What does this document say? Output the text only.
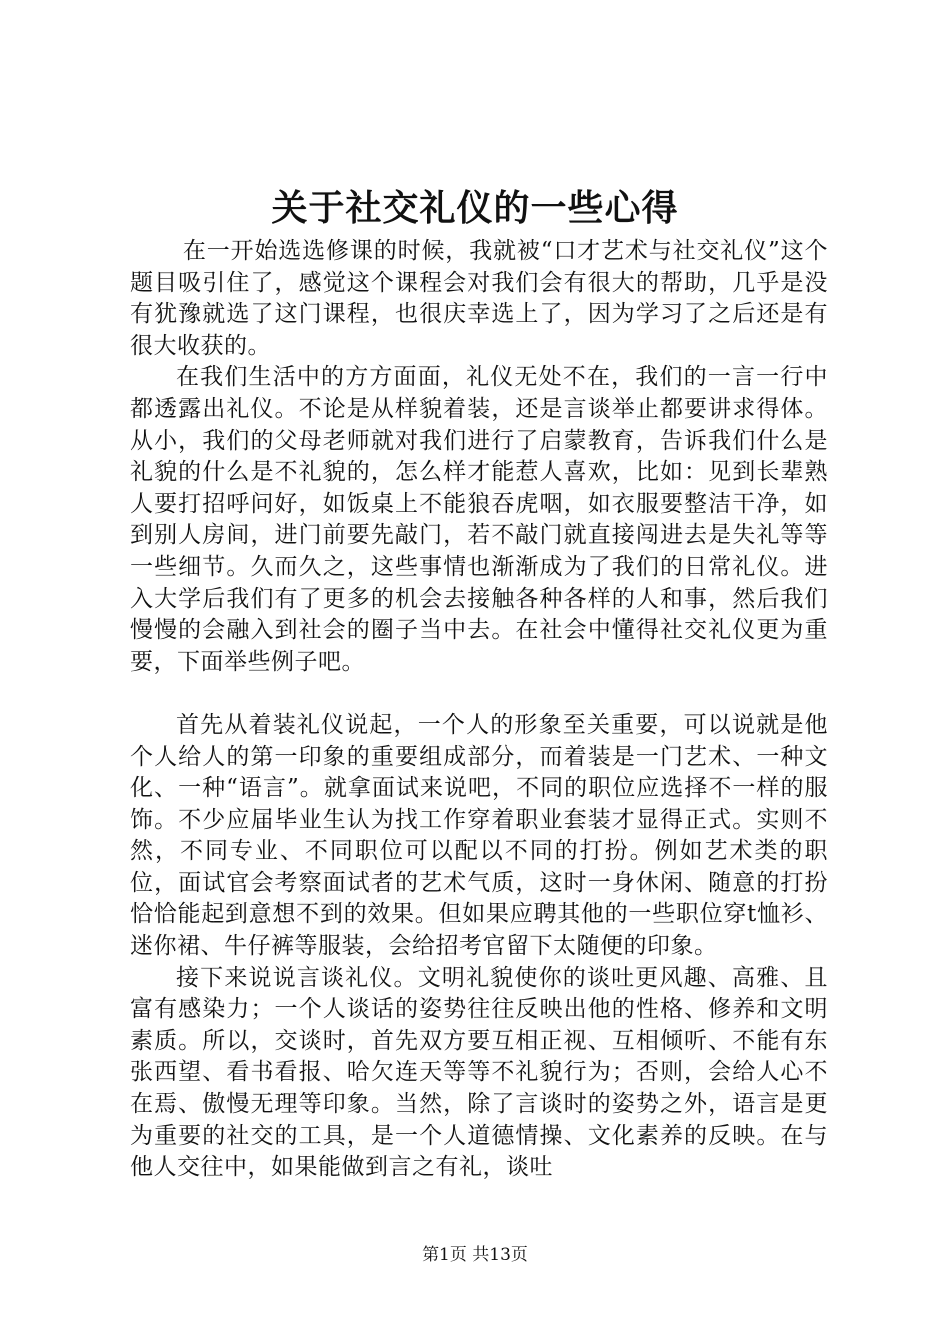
关于社交礼仪的一些心得

在一开始选选修课的时候，我就被“口才艺术与社交礼仪”这个题目吸引住了，感觉这个课程会对我们会有很大的帮助，几乎是没有犹豫就选了这门课程，也很庆幸选上了，因为学习了之后还是有很大收获的。

在我们生活中的方方面面，礼仪无处不在，我们的一言一行中都透露出礼仪。不论是从样貌着装，还是言谈举止都要讲求得体。从小，我们的父母老师就对我们进行了启蒙教育，告诉我们什么是礼貌的什么是不礼貌的，怎么样才能惹人喜欢，比如：见到长辈熟人要打招呼问好，如饭桌上不能狼吞虎咽，如衣服要整洁干净，如到别人房间，进门前要先敲门，若不敲门就直接闯进去是失礼等等一些细节。久而久之，这些事情也渐渐成为了我们的日常礼仪。进入大学后我们有了更多的机会去接触各种各样的人和事，然后我们慢慢的会融入到社会的圈子当中去。在社会中懂得社交礼仪更为重要，下面举些例子吧。

首先从着装礼仪说起，一个人的形象至关重要，可以说就是他个人给人的第一印象的重要组成部分，而着装是一门艺术、一种文化、一种“语言”。就拿面试来说吧，不同的职位应选择不一样的服饰。不少应届毕业生认为找工作穿着职业套装才显得正式。实则不然，不同专业、不同职位可以配以不同的打扮。例如艺术类的职位，面试官会考察面试者的艺术气质，这时一身休闲、随意的打扮恰恰能起到意想不到的效果。但如果应聘其他的一些职位穿t恤衫、迷你裙、牛仔裤等服装，会给招考官留下太随便的印象。

接下来说说言谈礼仪。文明礼貌使你的谈吐更风趣、高雅、且富有感染力；一个人谈话的姿势往往反映出他的性格、修养和文明素质。所以，交谈时，首先双方要互相正视、互相倾听、不能有东张西望、看书看报、哈欠连天等等不礼貌行为；否则，会给人心不在焉、傲慢无理等印象。当然，除了言谈时的姿势之外，语言是更为重要的社交的工具，是一个人道德情操、文化素养的反映。在与他人交往中，如果能做到言之有礼，谈吐

第1页 共13页
